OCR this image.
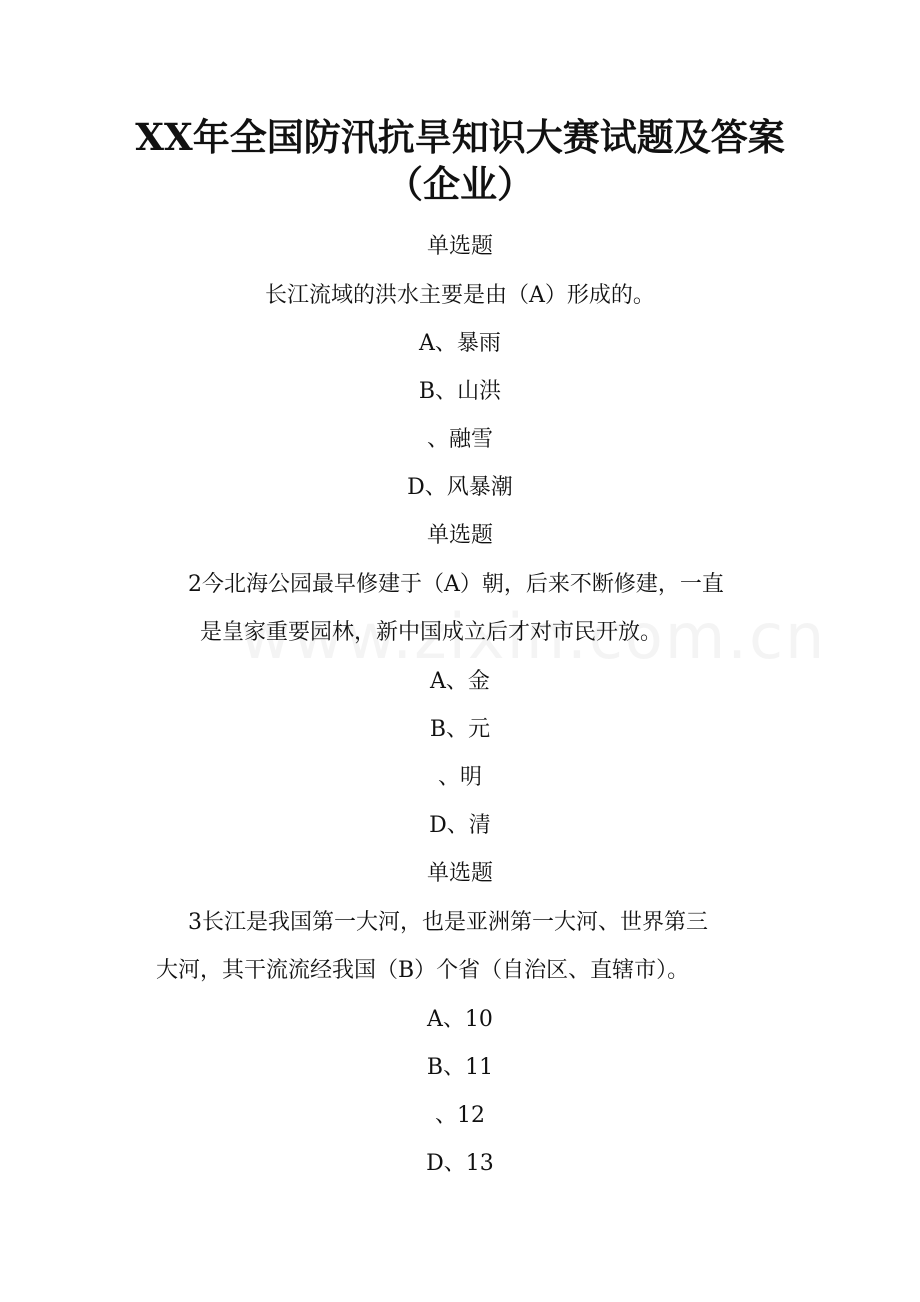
XX年全国防汛抗旱知识大赛试题及答案
（企业）
单选题
长江流域的洪水主要是由（A）形成的。
A、暴雨
B、山洪
、融雪
D、风暴潮
单选题
2今北海公园最早修建于（A）朝，后来不断修建，一直
是皇家重要园林，新中国成立后才对市民开放。
A、金
B、元
、明
D、清
单选题
3长江是我国第一大河，也是亚洲第一大河、世界第三
大河，其干流流经我国（B）个省（自治区、直辖市）。
A、10
B、11
、12
D、13
